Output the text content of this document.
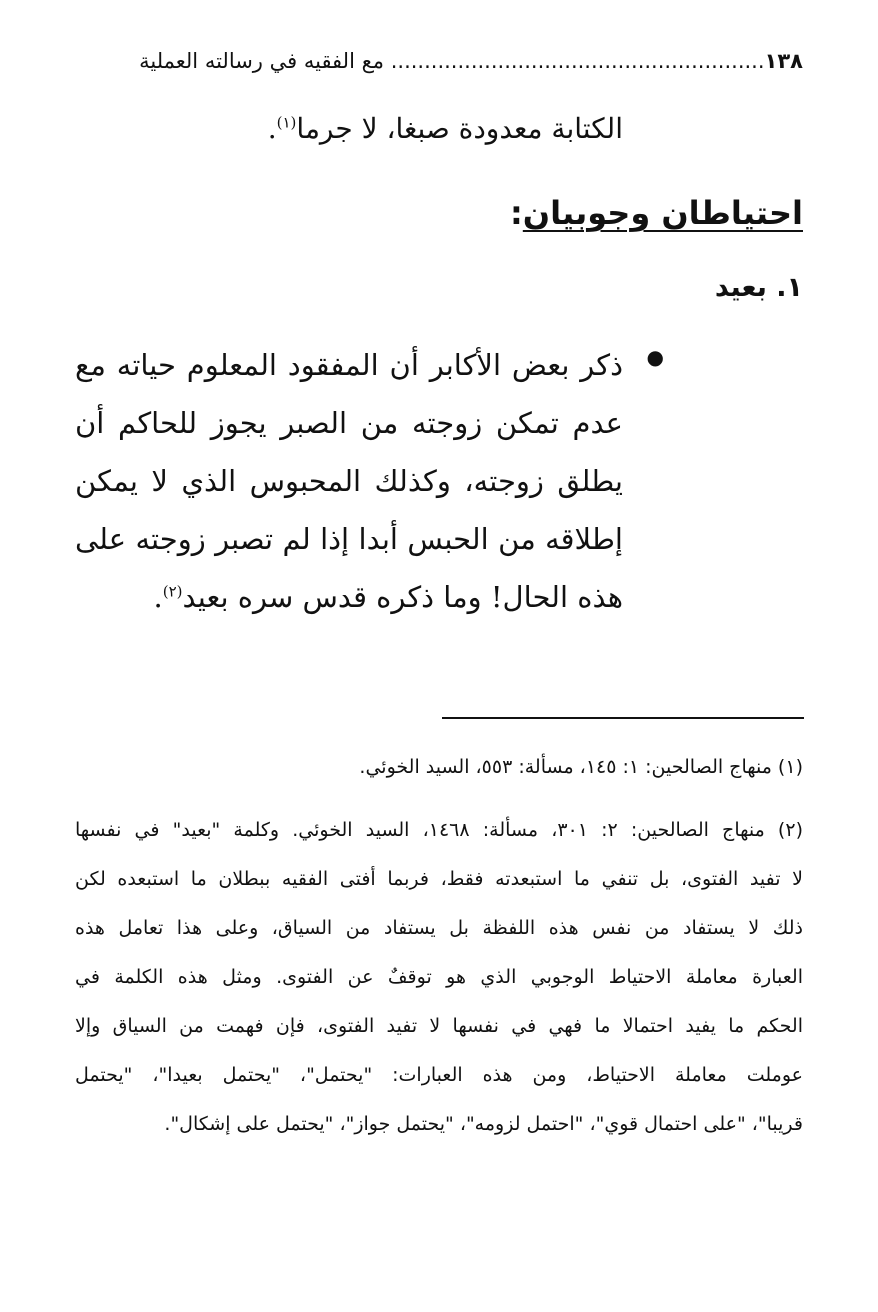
١٣٨........................................................ مع الفقيه في رسالته العملية
الكتابة معدودة صبغا، لا جرما$^{(١)}$.
احتياطان وجوبيان:
١. بعيد
●
ذكر بعض الأكابر أن المفقود المعلوم حياته مع
عدم تمكن زوجته من الصبر يجوز للحاكم أن
يطلق زوجته، وكذلك المحبوس الذي لا يمكن
إطلاقه من الحبس أبدا إذا لم تصبر زوجته على
هذه الحال! وما ذكره قدس سره بعيد$^{(٢)}$.
(١) منهاج الصالحين: ١: ١٤٥، مسألة: ٥٥٣، السيد الخوئي.
(٢) منهاج الصالحين: ٢: ٣٠١، مسألة: ١٤٦٨، السيد الخوئي. وكلمة "بعيد" في نفسها
لا تفيد الفتوى، بل تنفي ما استبعدته فقط، فربما أفتى الفقيه ببطلان ما استبعده لكن
ذلك لا يستفاد من نفس هذه اللفظة بل يستفاد من السياق، وعلى هذا تعامل هذه
العبارة معاملة الاحتياط الوجوبي الذي هو توقفٌ عن الفتوى. ومثل هذه الكلمة في
الحكم ما يفيد احتمالا ما فهي في نفسها لا تفيد الفتوى، فإن فهمت من السياق وإلا
عوملت معاملة الاحتياط، ومن هذه العبارات: "يحتمل"، "يحتمل بعيدا"، "يحتمل
قريبا"، "على احتمال قوي"، "احتمل لزومه"، "يحتمل جواز"، "يحتمل على إشكال".
